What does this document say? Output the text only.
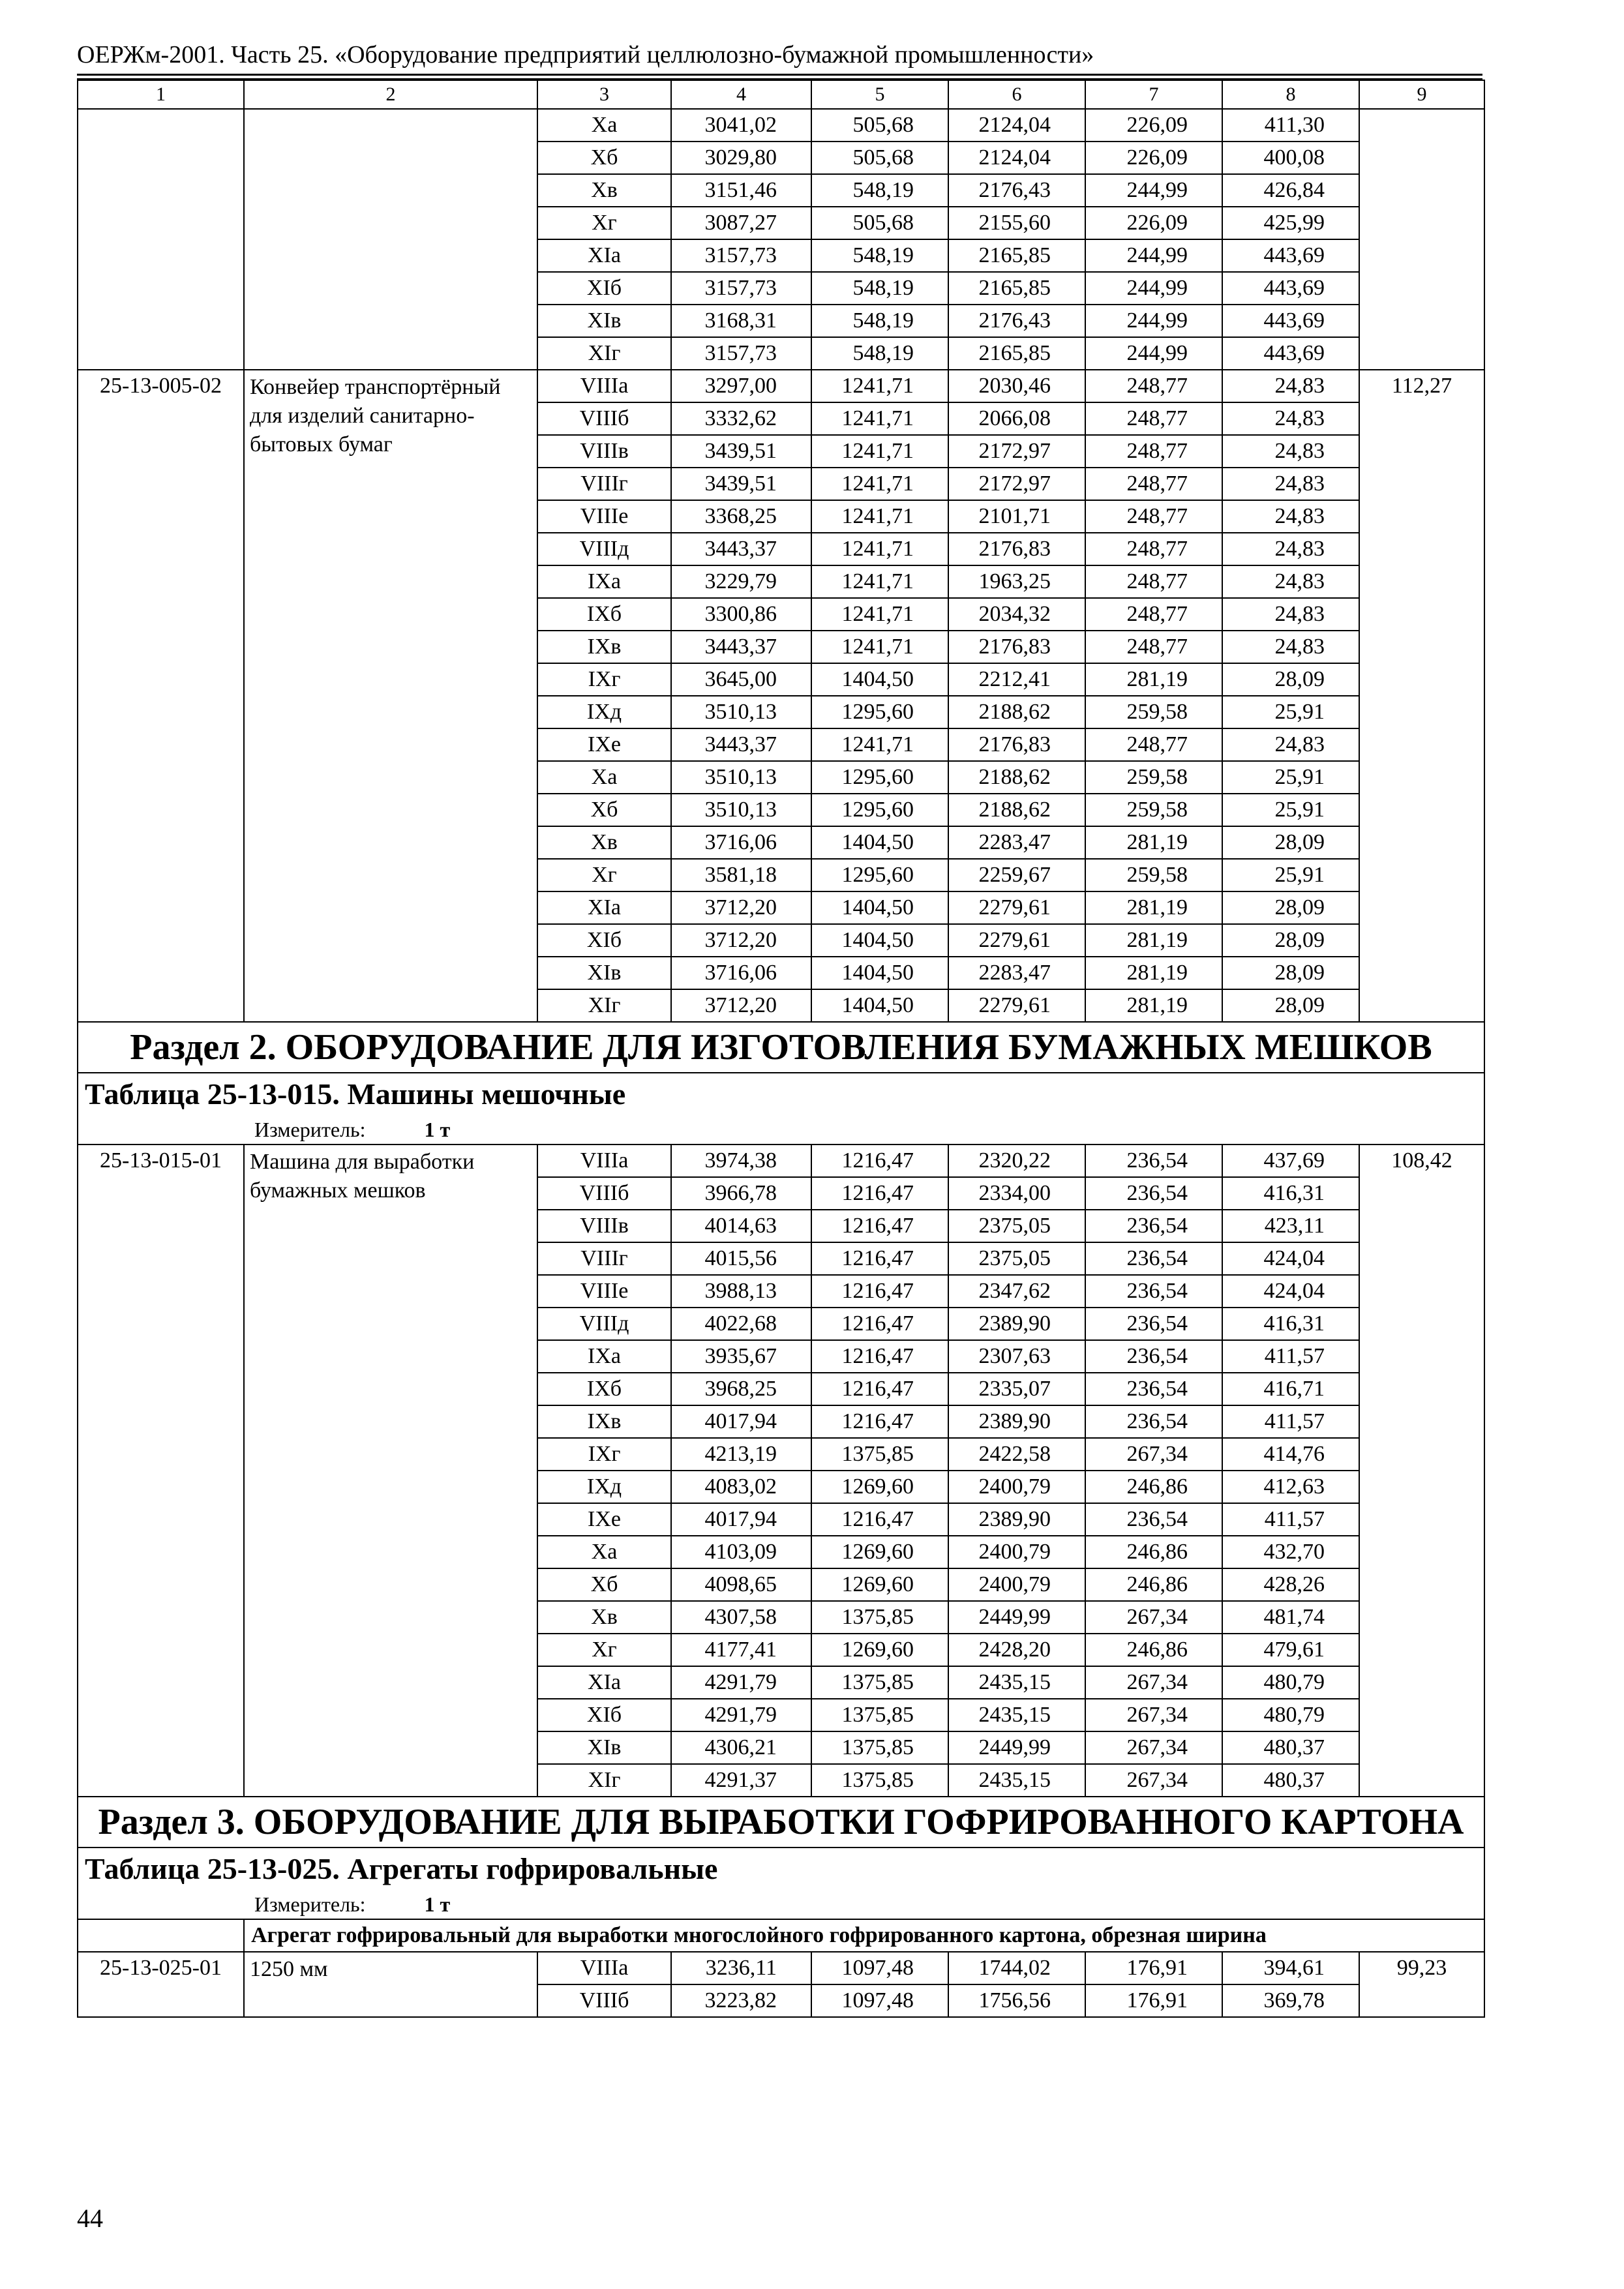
ОЕРЖм-2001. Часть 25. «Оборудование предприятий целлюлозно-бумажной промышленности»
1	2	3	4	5	6	7	8	9
		Xa	3041,02	505,68	2124,04	226,09	411,30	
		Xб	3029,80	505,68	2124,04	226,09	400,08	
		Xв	3151,46	548,19	2176,43	244,99	426,84	
		Xг	3087,27	505,68	2155,60	226,09	425,99	
		XIa	3157,73	548,19	2165,85	244,99	443,69	
		XIб	3157,73	548,19	2165,85	244,99	443,69	
		XIв	3168,31	548,19	2176,43	244,99	443,69	
		XIг	3157,73	548,19	2165,85	244,99	443,69	
25-13-005-02	Конвейер транспортёрный для изделий санитарно-бытовых бумаг	VIIIa	3297,00	1241,71	2030,46	248,77	24,83	112,27
		VIIIб	3332,62	1241,71	2066,08	248,77	24,83	
		VIIIв	3439,51	1241,71	2172,97	248,77	24,83	
		VIIIг	3439,51	1241,71	2172,97	248,77	24,83	
		VIIIe	3368,25	1241,71	2101,71	248,77	24,83	
		VIIIд	3443,37	1241,71	2176,83	248,77	24,83	
		IXa	3229,79	1241,71	1963,25	248,77	24,83	
		IXб	3300,86	1241,71	2034,32	248,77	24,83	
		IXв	3443,37	1241,71	2176,83	248,77	24,83	
		IXг	3645,00	1404,50	2212,41	281,19	28,09	
		IXд	3510,13	1295,60	2188,62	259,58	25,91	
		IXe	3443,37	1241,71	2176,83	248,77	24,83	
		Xa	3510,13	1295,60	2188,62	259,58	25,91	
		Xб	3510,13	1295,60	2188,62	259,58	25,91	
		Xв	3716,06	1404,50	2283,47	281,19	28,09	
		Xг	3581,18	1295,60	2259,67	259,58	25,91	
		XIa	3712,20	1404,50	2279,61	281,19	28,09	
		XIб	3712,20	1404,50	2279,61	281,19	28,09	
		XIв	3716,06	1404,50	2283,47	281,19	28,09	
		XIг	3712,20	1404,50	2279,61	281,19	28,09	
Раздел 2. ОБОРУДОВАНИЕ ДЛЯ ИЗГОТОВЛЕНИЯ БУМАЖНЫХ МЕШКОВ								
Таблица 25-13-015. Машины мешочные								
Измеритель: 1 т								
25-13-015-01	Машина для выработки бумажных мешков	VIIIa	3974,38	1216,47	2320,22	236,54	437,69	108,42
		VIIIб	3966,78	1216,47	2334,00	236,54	416,31	
		VIIIв	4014,63	1216,47	2375,05	236,54	423,11	
		VIIIг	4015,56	1216,47	2375,05	236,54	424,04	
		VIIIe	3988,13	1216,47	2347,62	236,54	424,04	
		VIIIд	4022,68	1216,47	2389,90	236,54	416,31	
		IXa	3935,67	1216,47	2307,63	236,54	411,57	
		IXб	3968,25	1216,47	2335,07	236,54	416,71	
		IXв	4017,94	1216,47	2389,90	236,54	411,57	
		IXг	4213,19	1375,85	2422,58	267,34	414,76	
		IXд	4083,02	1269,60	2400,79	246,86	412,63	
		IXe	4017,94	1216,47	2389,90	236,54	411,57	
		Xa	4103,09	1269,60	2400,79	246,86	432,70	
		Xб	4098,65	1269,60	2400,79	246,86	428,26	
		Xв	4307,58	1375,85	2449,99	267,34	481,74	
		Xг	4177,41	1269,60	2428,20	246,86	479,61	
		XIa	4291,79	1375,85	2435,15	267,34	480,79	
		XIб	4291,79	1375,85	2435,15	267,34	480,79	
		XIв	4306,21	1375,85	2449,99	267,34	480,37	
		XIг	4291,37	1375,85	2435,15	267,34	480,37	
Раздел 3. ОБОРУДОВАНИЕ ДЛЯ ВЫРАБОТКИ ГОФРИРОВАННОГО КАРТОНА								
Таблица 25-13-025. Агрегаты гофрировальные								
Измеритель: 1 т								
	Агрегат гофрировальный для выработки многослойного гофрированного картона, обрезная ширина							
25-13-025-01	1250 мм	VIIIa	3236,11	1097,48	1744,02	176,91	394,61	99,23
		VIIIб	3223,82	1097,48	1756,56	176,91	369,78	
44
